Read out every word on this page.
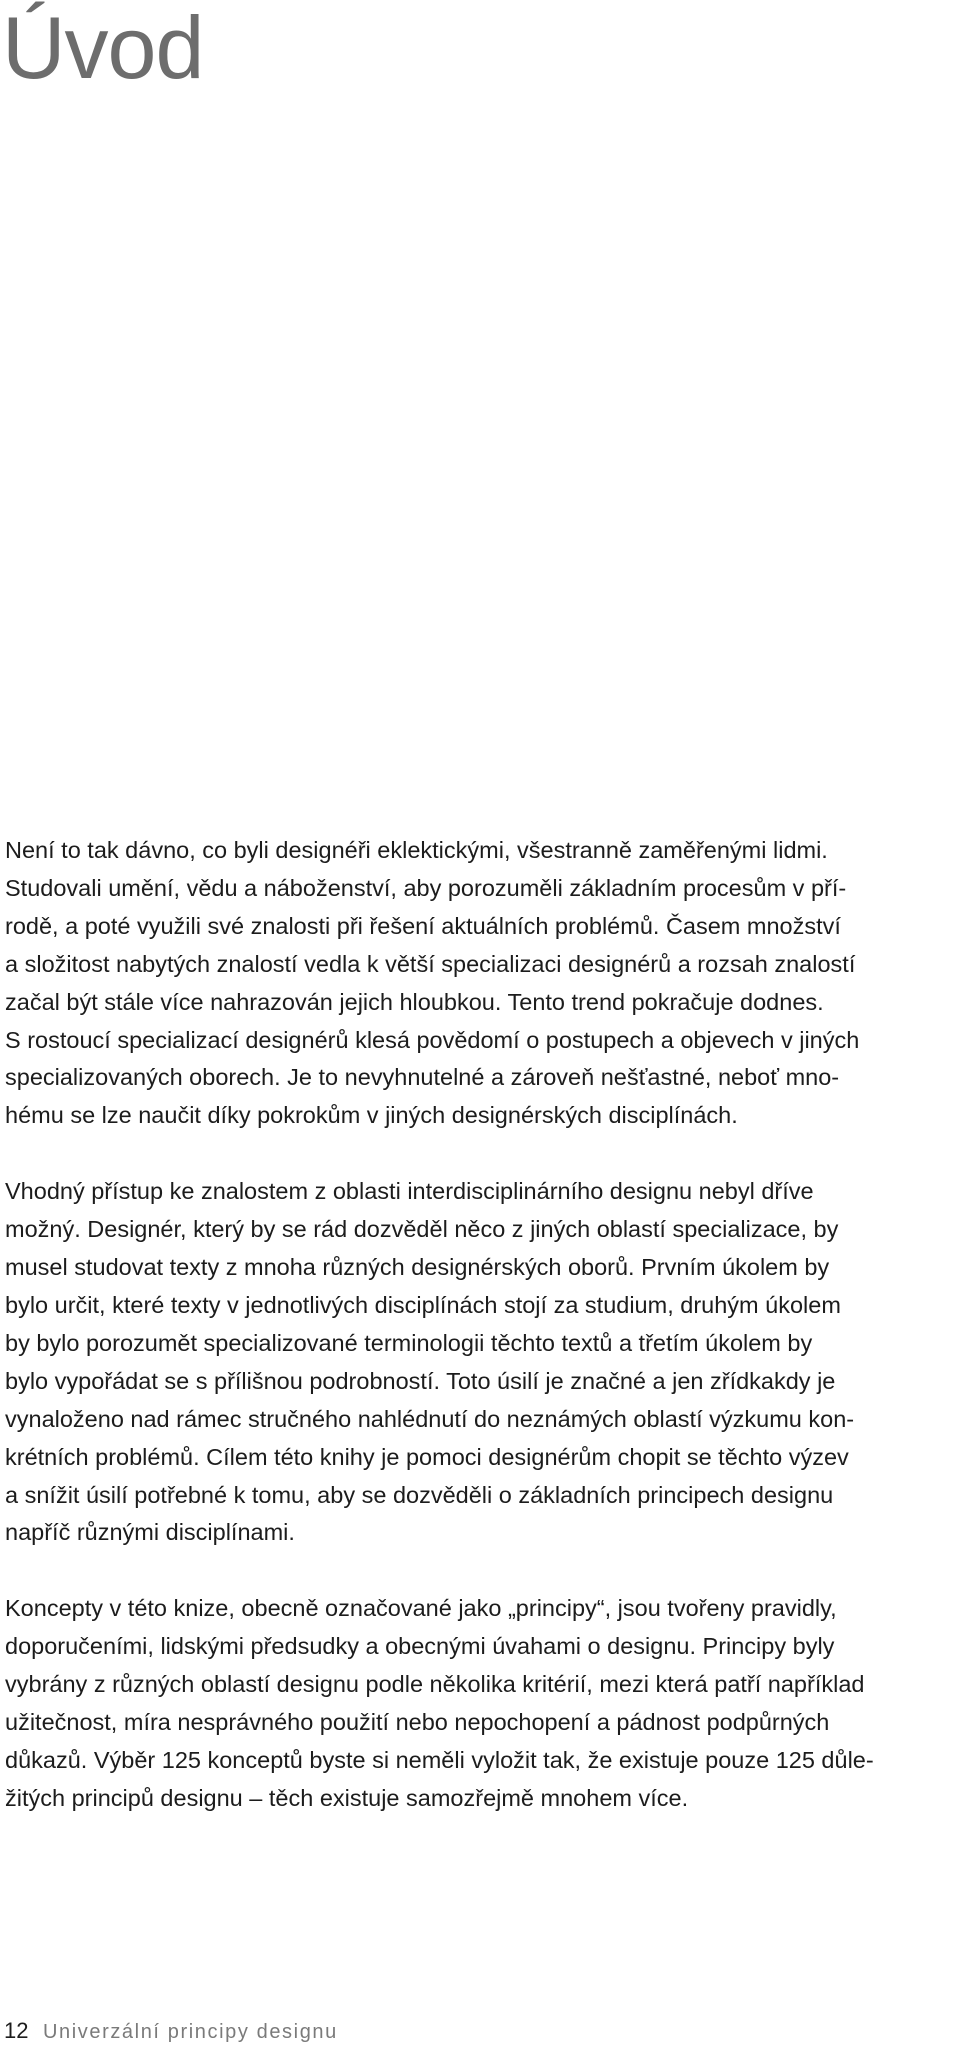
Úvod

Není to tak dávno, co byli designéři eklektickými, všestranně zaměřenými lidmi.
Studovali umění, vědu a náboženství, aby porozuměli základním procesům v pří-
rodě, a poté využili své znalosti při řešení aktuálních problémů. Časem množství
a složitost nabytých znalostí vedla k větší specializaci designérů a rozsah znalostí
začal být stále více nahrazován jejich hloubkou. Tento trend pokračuje dodnes.
S rostoucí specializací designérů klesá povědomí o postupech a objevech v jiných
specializovaných oborech. Je to nevyhnutelné a zároveň nešťastné, neboť mno-
hému se lze naučit díky pokrokům v jiných designérských disciplínách.

Vhodný přístup ke znalostem z oblasti interdisciplinárního designu nebyl dříve
možný. Designér, který by se rád dozvěděl něco z jiných oblastí specializace, by
musel studovat texty z mnoha různých designérských oborů. Prvním úkolem by
bylo určit, které texty v jednotlivých disciplínách stojí za studium, druhým úkolem
by bylo porozumět specializované terminologii těchto textů a třetím úkolem by
bylo vypořádat se s přílišnou podrobností. Toto úsilí je značné a jen zřídkakdy je
vynaloženo nad rámec stručného nahlédnutí do neznámých oblastí výzkumu kon-
krétních problémů. Cílem této knihy je pomoci designérům chopit se těchto výzev
a snížit úsilí potřebné k tomu, aby se dozvěděli o základních principech designu
napříč různými disciplínami.

Koncepty v této knize, obecně označované jako „principy“, jsou tvořeny pravidly,
doporučeními, lidskými předsudky a obecnými úvahami o designu. Principy byly
vybrány z různých oblastí designu podle několika kritérií, mezi která patří například
užitečnost, míra nesprávného použití nebo nepochopení a pádnost podpůrných
důkazů. Výběr 125 konceptů byste si neměli vyložit tak, že existuje pouze 125 důle-
žitých principů designu – těch existuje samozřejmě mnohem více.

12 Univerzální principy designu
